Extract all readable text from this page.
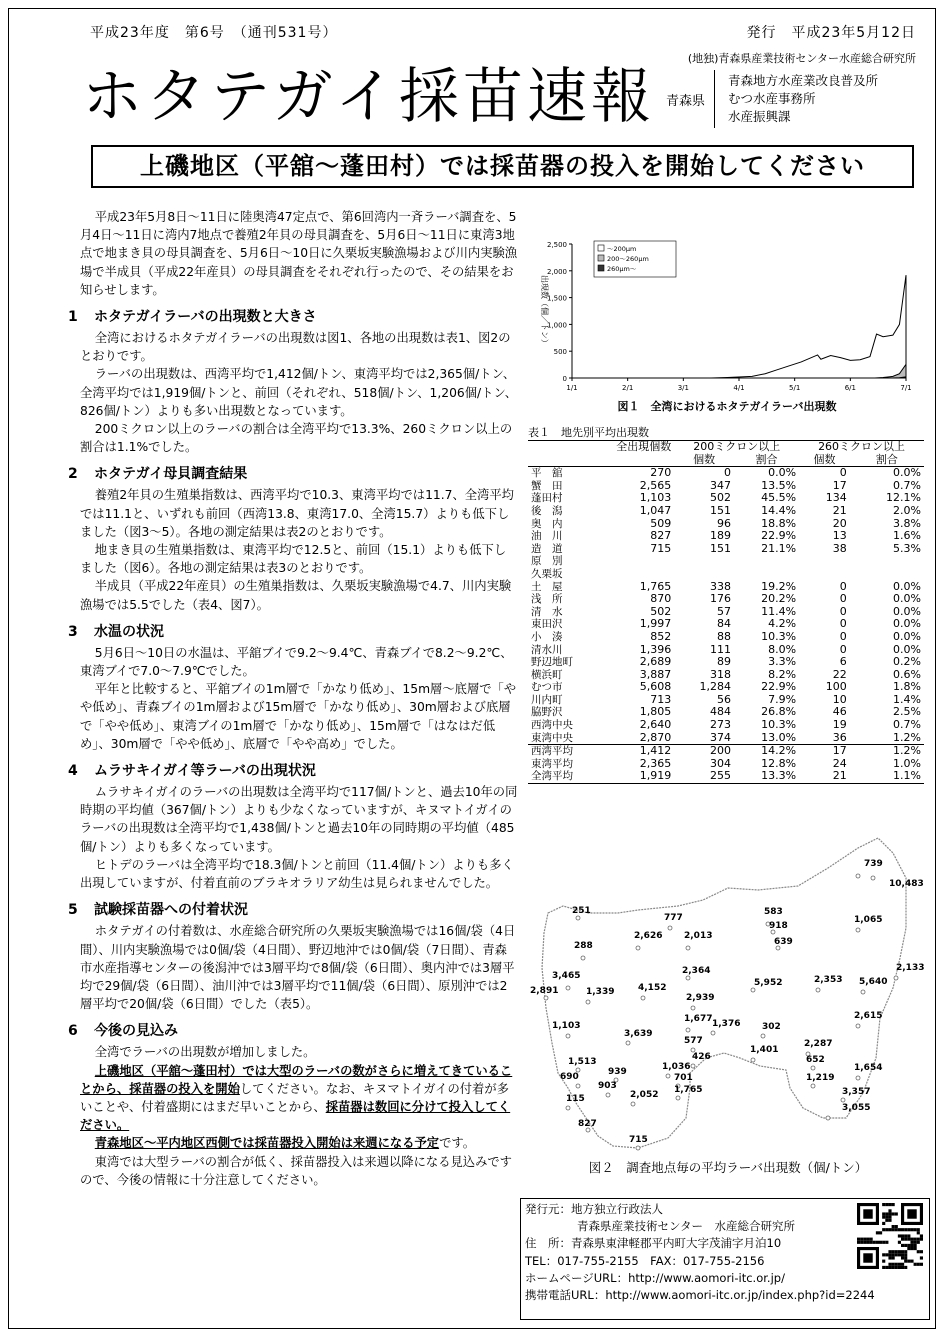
平成23年度　第6号　（通刊531号）	発行　平成23年5月12日
(地独)青森県産業技術センター水産総合研究所
ホタテガイ採苗速報 青森県
青森地方水産業改良普及所
むつ水産事務所
水産振興課
上磯地区（平舘～蓬田村）では採苗器の投入を開始してください

平成23年5月8日～11日に陸奥湾47定点で、第6回湾内一斉ラーバ調査を、5月4日～11日に湾内7地点で養殖2年貝の母貝調査を、5月6日～11日に東湾3地点で地まき貝の母貝調査を、5月6日～10日に久栗坂実験漁場および川内実験漁場で半成貝（平成22年産貝）の母貝調査をそれぞれ行ったので、その結果をお知らせします。

1 ホタテガイラーバの出現数と大きさ

全湾におけるホタテガイラーバの出現数は図1、各地の出現数は表1、図2のとおりです。

ラーバの出現数は、西湾平均で1,412個/トン、東湾平均では2,365個/トン、全湾平均では1,919個/トンと、前回（それぞれ、518個/トン、1,206個/トン、826個/トン）よりも多い出現数となっています。

200ミクロン以上のラーバの割合は全湾平均で13.3%、260ミクロン以上の割合は1.1%でした。

2 ホタテガイ母貝調査結果

養殖2年貝の生殖巣指数は、西湾平均で10.3、東湾平均では11.7、全湾平均では11.1と、いずれも前回（西湾13.8、東湾17.0、全湾15.7）よりも低下しました（図3～5）。各地の測定結果は表2のとおりです。

地まき貝の生殖巣指数は、東湾平均で12.5と、前回（15.1）よりも低下しました（図6）。各地の測定結果は表3のとおりです。

半成貝（平成22年産貝）の生殖巣指数は、久栗坂実験漁場で4.7、川内実験漁場では5.5でした（表4、図7）。

3 水温の状況

5月6日～10日の水温は、平舘ブイで9.2～9.4℃、青森ブイで8.2～9.2℃、東湾ブイで7.0～7.9℃でした。

平年と比較すると、平舘ブイの1m層で「かなり低め」、15m層～底層で「やや低め」、青森ブイの1m層および15m層で「かなり低め」、30m層および底層で「やや低め」、東湾ブイの1m層で「かなり低め」、15m層で「はなはだ低め」、30m層で「やや低め」、底層で「やや高め」でした。

4 ムラサキイガイ等ラーバの出現状況

ムラサキイガイのラーバの出現数は全湾平均で117個/トンと、過去10年の同時期の平均値（367個/トン）よりも少なくなっていますが、キヌマトイガイのラーバの出現数は全湾平均で1,438個/トンと過去10年の同時期の平均値（485個/トン）よりも多くなっています。

ヒトデのラーバは全湾平均で18.3個/トンと前回（11.4個/トン）よりも多く出現していますが、付着直前のブラキオラリア幼生は見られませんでした。

5 試験採苗器への付着状況

ホタテガイの付着数は、水産総合研究所の久栗坂実験漁場では16個/袋（4日間）、川内実験漁場では0個/袋（4日間）、野辺地沖では0個/袋（7日間）、青森市水産指導センターの後潟沖では3層平均で8個/袋（6日間）、奥内沖では3層平均で29個/袋（6日間）、油川沖では3層平均で11個/袋（6日間）、原別沖では2層平均で20個/袋（6日間）でした（表5）。

6 今後の見込み

全湾でラーバの出現数が増加しました。

上磯地区（平舘～蓬田村）では大型のラーバの数がさらに増えてきていることから、採苗器の投入を開始してください。なお、キヌマトイガイの付着が多いことや、付着盛期にはまだ早いことから、採苗器は数回に分けて投入してください。

青森地区～平内地区西側では採苗器投入開始は来週になる予定です。

東湾では大型ラーバの割合が低く、採苗器投入は来週以降になる見込みですので、今後の情報に十分注意してください。

0
500
1,000
1,500
2,000
2,500
1/1	2/1	3/1	4/1	5/1	6/1	7/1
出現数（個／トン）
～200μm
200～260μm
260μm～
図１　全湾におけるホタテガイラーバ出現数
表１　地先別平均出現数
	全出現個数	200ミクロン以上		260ミクロン以上	
		個数	割合	個数	割合
平　舘	270	0	0.0%	0	0.0%
蟹　田	2,565	347	13.5%	17	0.7%
蓬田村	1,103	502	45.5%	134	12.1%
後　潟	1,047	151	14.4%	21	2.0%
奥　内	509	96	18.8%	20	3.8%
油　川	827	189	22.9%	13	1.6%
造　道	715	151	21.1%	38	5.3%
原　別					
久栗坂					
土　屋	1,765	338	19.2%	0	0.0%
浅　所	870	176	20.2%	0	0.0%
清　水	502	57	11.4%	0	0.0%
東田沢	1,997	84	4.2%	0	0.0%
小　湊	852	88	10.3%	0	0.0%
清水川	1,396	111	8.0%	0	0.0%
野辺地町	2,689	89	3.3%	6	0.2%
横浜町	3,887	318	8.2%	22	0.6%
むつ市	5,608	1,284	22.9%	100	1.8%
川内町	713	56	7.9%	10	1.4%
脇野沢	1,805	484	26.8%	46	2.5%
西湾中央	2,640	273	10.3%	19	0.7%
東湾中央	2,870	374	13.0%	36	1.2%
西湾平均	1,412	200	14.2%	17	1.2%
東湾平均	2,365	304	12.8%	24	1.0%
全湾平均	1,919	255	13.3%	21	1.1%
739
10,483
251
777
583
1,065
918
2,626 2,013
639
288
2,133
2,364
3,465
5,952	2,353 5,640
2,891	1,339	4,152
2,939
2,615
1,677 1,376 302
1,103
3,639
2,287
577
1,401
426	652
1,513	1,036	1,654
939
690	701	1,219
903	1,765	3,357
115	2,052
3,055
827
715
図２　調査地点毎の平均ラーバ出現数（個/トン）
発行元：地方独立行政法人
青森県産業技術センター　水産総合研究所
住　所：青森県東津軽郡平内町大字茂浦字月泊10
TEL：017-755-2155　FAX：017-755-2156
ホームページURL：http://www.aomori-itc.or.jp/
携帯電話URL：http://www.aomori-itc.or.jp/index.php?id=2244
